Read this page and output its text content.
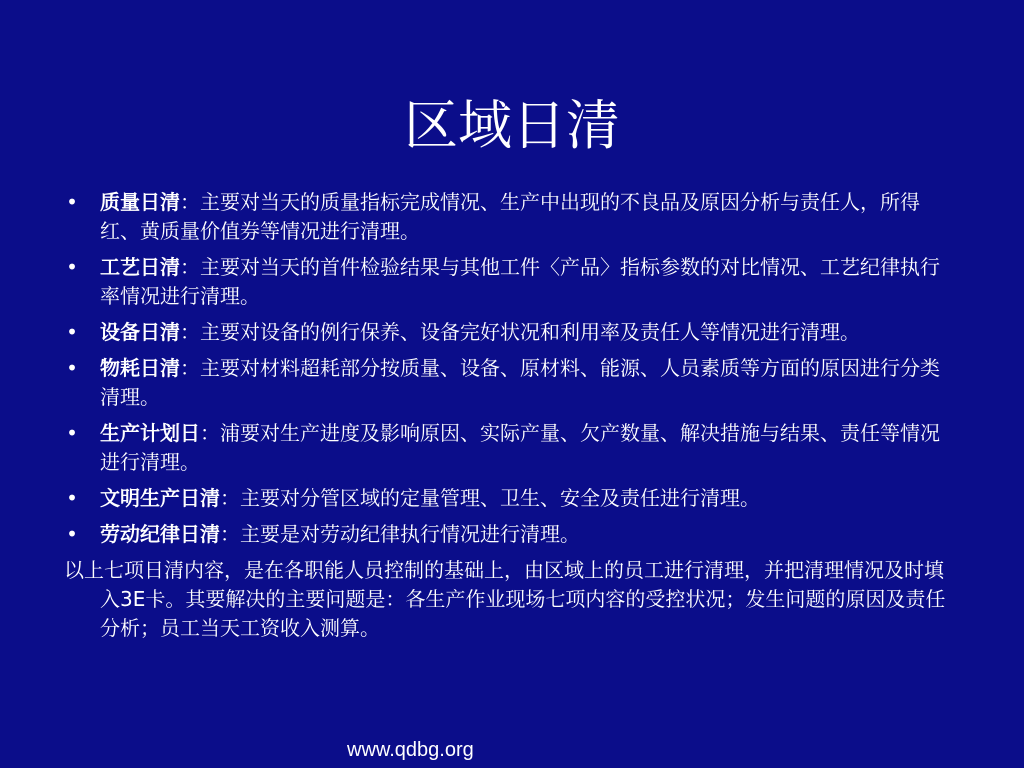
区域日清
• 质量日清：主要对当天的质量指标完成情况、生产中出现的不良品及原因分析与责任人，所得红、黄质量价值券等情况进行清理。
• 工艺日清：主要对当天的首件检验结果与其他工件〈产品〉指标参数的对比情况、工艺纪律执行率情况进行清理。
• 设备日清：主要对设备的例行保养、设备完好状况和利用率及责任人等情况进行清理。
• 物耗日清：主要对材料超耗部分按质量、设备、原材料、能源、人员素质等方面的原因进行分类清理。
• 生产计划日：浦要对生产进度及影响原因、实际产量、欠产数量、解决措施与结果、责任等情况进行清理。
• 文明生产日清：主要对分管区域的定量管理、卫生、安全及责任进行清理。
• 劳动纪律日清：主要是对劳动纪律执行情况进行清理。

以上七项日清内容，是在各职能人员控制的基础上，由区域上的员工进行清理，并把清理情况及时填入3E卡。其要解决的主要问题是：各生产作业现场七项内容的受控状况；发生问题的原因及责任分析；员工当天工资收入测算。

www.qdbg.org
